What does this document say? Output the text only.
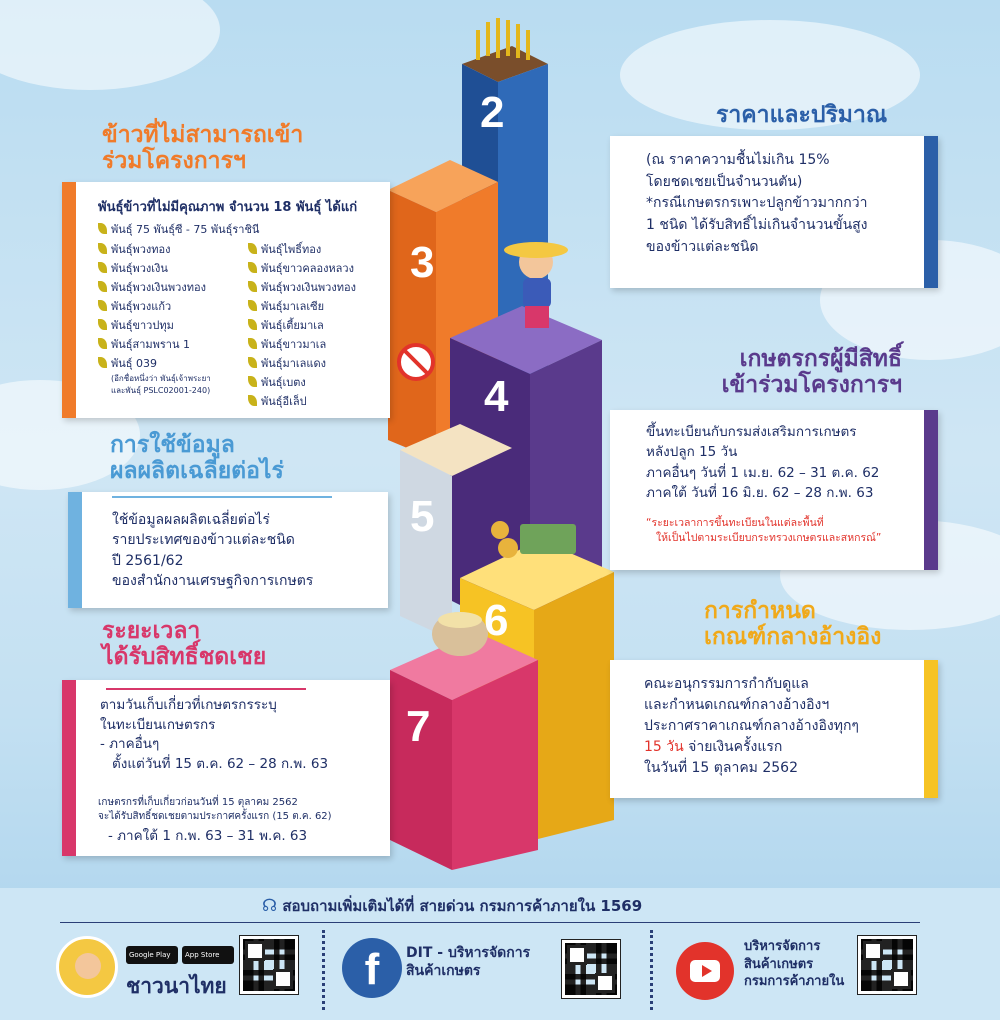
2
3
4
5
6
7
ข้าวที่ไม่สามารถเข้า
ร่วมโครงการฯ
พันธุ์ข้าวที่ไม่มีคุณภาพ จำนวน 18 พันธุ์ ได้แก่
พันธุ์ 75 พันธุ์ซี - 75 พันธุ์ราชินี
พันธุ์พวงทอง
พันธุ์พวงเงิน
พันธุ์พวงเงินพวงทอง
พันธุ์พวงแก้ว
พันธุ์ขาวปทุม
พันธุ์สามพราน 1
พันธุ์ 039
(อีกชื่อหนึ่งว่า พันธุ์เจ้าพระยา
และพันธุ์ PSLC02001-240)
พันธุ์ไพธิ์ทอง
พันธุ์ขาวคลองหลวง
พันธุ์พวงเงินพวงทอง
พันธุ์มาเลเซีย
พันธุ์เตี้ยมาเล
พันธุ์ขาวมาเล
พันธุ์มาเลแดง
พันธุ์เบตง
พันธุ์อีเล็ป
ราคาและปริมาณ
(ณ ราคาความชื้นไม่เกิน 15%
โดยชดเชยเป็นจำนวนตัน)
*กรณีเกษตรกรเพาะปลูกข้าวมากกว่า
1 ชนิด ได้รับสิทธิ์ไม่เกินจำนวนขั้นสูง
ของข้าวแต่ละชนิด
เกษตรกรผู้มีสิทธิ์
เข้าร่วมโครงการฯ
ขึ้นทะเบียนกับกรมส่งเสริมการเกษตร
หลังปลูก 15 วัน
ภาคอื่นๆ วันที่ 1 เม.ย. 62 – 31 ต.ค. 62
ภาคใต้ วันที่ 16 มิ.ย. 62 – 28 ก.พ. 63
“ระยะเวลาการขึ้นทะเบียนในแต่ละพื้นที่
ให้เป็นไปตามระเบียบกระทรวงเกษตรและสหกรณ์”
การใช้ข้อมูล
ผลผลิตเฉลี่ยต่อไร่
ใช้ข้อมูลผลผลิตเฉลี่ยต่อไร่
รายประเทศของข้าวแต่ละชนิด
ปี 2561/62
ของสำนักงานเศรษฐกิจการเกษตร
การกำหนด
เกณฑ์กลางอ้างอิง
คณะอนุกรรมการกำกับดูแล
และกำหนดเกณฑ์กลางอ้างอิงฯ
ประกาศราคาเกณฑ์กลางอ้างอิงทุกๆ
15 วัน จ่ายเงินครั้งแรก
ในวันที่ 15 ตุลาคม 2562
ระยะเวลา
ได้รับสิทธิ์ชดเชย
ตามวันเก็บเกี่ยวที่เกษตรกรระบุ
ในทะเบียนเกษตรกร
- ภาคอื่นๆ
ตั้งแต่วันที่ 15 ต.ค. 62 – 28 ก.พ. 63
เกษตรกรที่เก็บเกี่ยวก่อนวันที่ 15 ตุลาคม 2562
จะได้รับสิทธิ์ชดเชยตามประกาศครั้งแรก (15 ต.ค. 62)
- ภาคใต้ 1 ก.พ. 63 – 31 พ.ค. 63
☊ สอบถามเพิ่มเติมได้ที่ สายด่วน กรมการค้าภายใน 1569
Google Play	App Store
ชาวนาไทย	f	DIT - บริหารจัดการ
สินค้าเกษตร
บริหารจัดการ
สินค้าเกษตร
กรมการค้าภายใน
